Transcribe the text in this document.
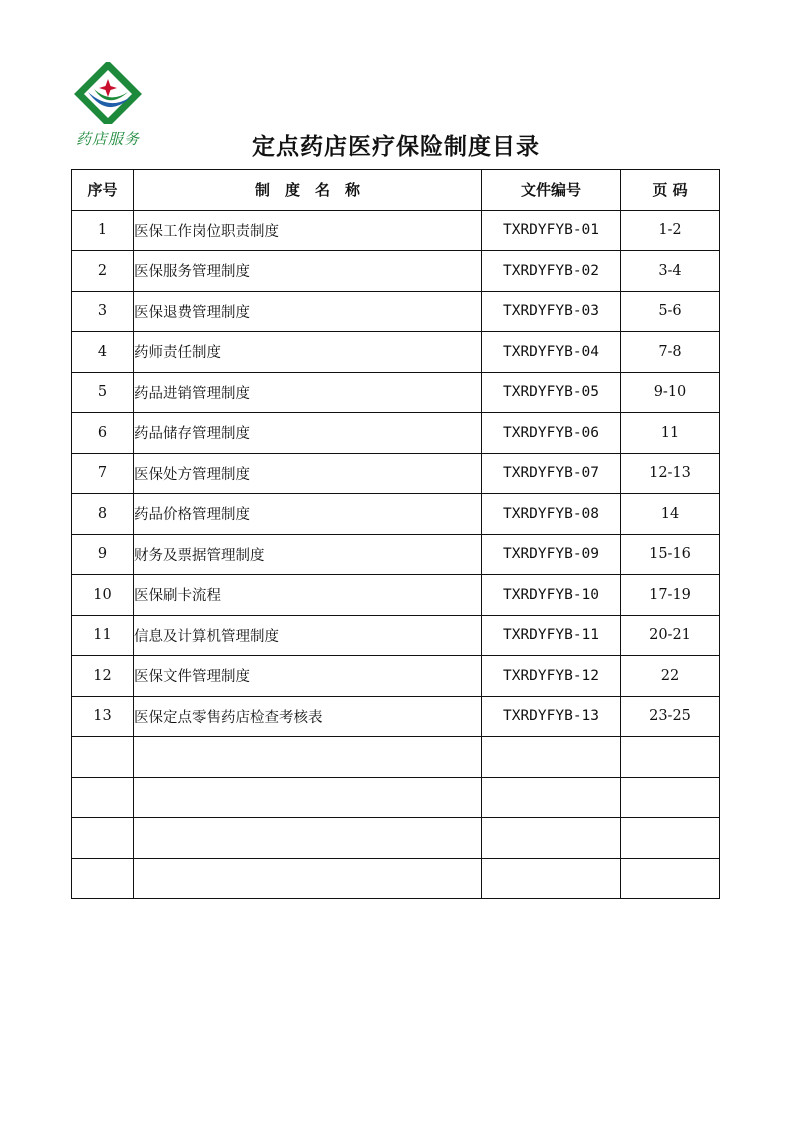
药店服务	定点药店医疗保险制度目录
序号	制　度　名　称	文件编号	页 码
1	医保工作岗位职责制度	TXRDYFYB-01	1-2
2	医保服务管理制度	TXRDYFYB-02	3-4
3	医保退费管理制度	TXRDYFYB-03	5-6
4	药师责任制度	TXRDYFYB-04	7-8
5	药品进销管理制度	TXRDYFYB-05	9-10
6	药品储存管理制度	TXRDYFYB-06	11
7	医保处方管理制度	TXRDYFYB-07	12-13
8	药品价格管理制度	TXRDYFYB-08	14
9	财务及票据管理制度	TXRDYFYB-09	15-16
10	医保刷卡流程	TXRDYFYB-10	17-19
11	信息及计算机管理制度	TXRDYFYB-11	20-21
12	医保文件管理制度	TXRDYFYB-12	22
13	医保定点零售药店检查考核表	TXRDYFYB-13	23-25
